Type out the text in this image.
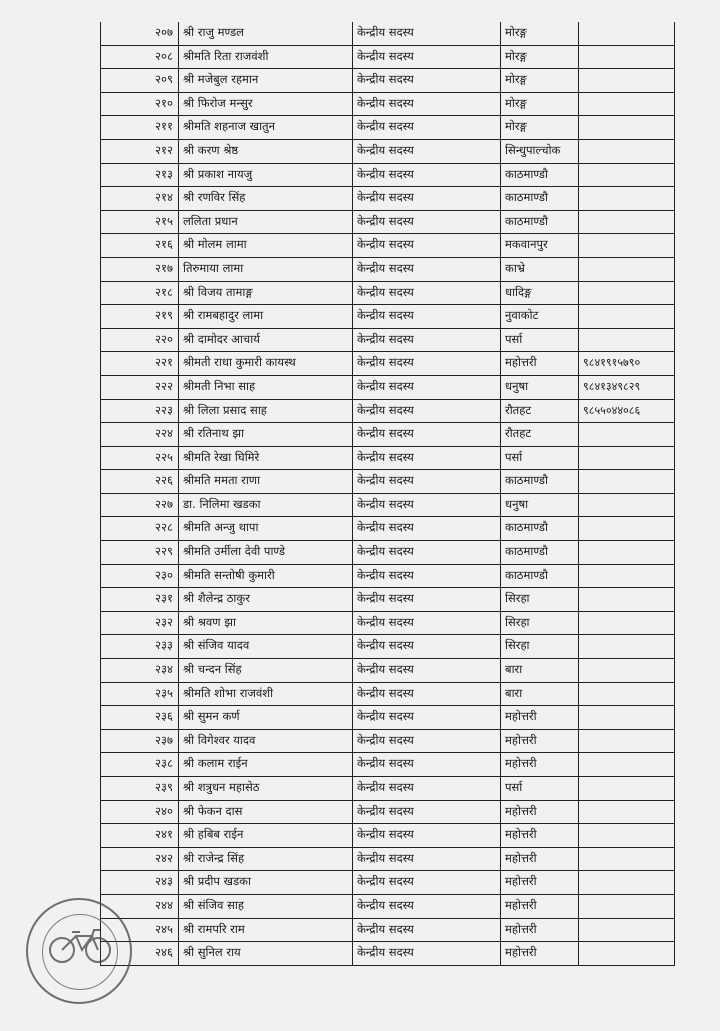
२०७ श्री राजु मण्डल	केन्द्रीय सदस्य	मोरङ्ग
२०८ श्रीमति रिता राजवंशी	केन्द्रीय सदस्य	मोरङ्ग
२०९ श्री मजेबुल रहमान	केन्द्रीय सदस्य	मोरङ्ग
२१० श्री फिरोज मन्सुर	केन्द्रीय सदस्य	मोरङ्ग
२११ श्रीमति शहनाज खातुन	केन्द्रीय सदस्य	मोरङ्ग
२१२ श्री करण श्रेष्ठ	केन्द्रीय सदस्य	सिन्धुपाल्चोक
२१३ श्री प्रकाश नायजु	केन्द्रीय सदस्य	काठमाण्डौ
२१४ श्री रणविर सिंह	केन्द्रीय सदस्य	काठमाण्डौ
२१५ ललिता प्रधान	केन्द्रीय सदस्य	काठमाण्डौ
२१६ श्री मोलम लामा	केन्द्रीय सदस्य	मकवानपुर
२१७ तिरुमाया लामा	केन्द्रीय सदस्य	काभ्रे
२१८ श्री विजय तामाङ्ग	केन्द्रीय सदस्य	धादिङ्ग
२१९ श्री रामबहादुर लामा	केन्द्रीय सदस्य	नुवाकोट
२२० श्री दामोदर आचार्य	केन्द्रीय सदस्य	पर्सा
२२१ श्रीमती राधा कुमारी कायस्थ	केन्द्रीय सदस्य	महोत्तरी	९८४१९१५७९०
२२२ श्रीमती निभा साह	केन्द्रीय सदस्य	धनुषा	९८४१३४९८२९
२२३ श्री लिला प्रसाद साह	केन्द्रीय सदस्य	रौतहट	९८५५०४४०८६
२२४ श्री रतिनाथ झा	केन्द्रीय सदस्य	रौतहट
२२५ श्रीमति रेखा घिमिरे	केन्द्रीय सदस्य	पर्सा
२२६ श्रीमति ममता राणा	केन्द्रीय सदस्य	काठमाण्डौ
२२७ डा. निलिमा खडका	केन्द्रीय सदस्य	धनुषा
२२८ श्रीमति अन्जु थापा	केन्द्रीय सदस्य	काठमाण्डौ
२२९ श्रीमति उर्मीला देवी पाण्डे	केन्द्रीय सदस्य	काठमाण्डौ
२३० श्रीमति सन्तोषी कुमारी	केन्द्रीय सदस्य	काठमाण्डौ
२३१ श्री शैलेन्द्र ठाकुर	केन्द्रीय सदस्य	सिरहा
२३२ श्री श्रवण झा	केन्द्रीय सदस्य	सिरहा
२३३ श्री संजिव यादव	केन्द्रीय सदस्य	सिरहा
२३४ श्री चन्दन सिंह	केन्द्रीय सदस्य	बारा
२३५ श्रीमति शोभा राजवंशी	केन्द्रीय सदस्य	बारा
२३६ श्री सुमन कर्ण	केन्द्रीय सदस्य	महोत्तरी
२३७ श्री विगेश्वर यादव	केन्द्रीय सदस्य	महोत्तरी
२३८ श्री कलाम राईन	केन्द्रीय सदस्य	महोत्तरी
२३९ श्री शत्रुधन महासेठ	केन्द्रीय सदस्य	पर्सा
२४० श्री फेकन दास	केन्द्रीय सदस्य	महोत्तरी
२४१ श्री हबिब राईन	केन्द्रीय सदस्य	महोत्तरी
२४२ श्री राजेन्द्र सिंह	केन्द्रीय सदस्य	महोत्तरी
२४३ श्री प्रदीप खडका	केन्द्रीय सदस्य	महोत्तरी
२४४ श्री संजिव साह	केन्द्रीय सदस्य	महोत्तरी
२४५ श्री रामपरि राम	केन्द्रीय सदस्य	महोत्तरी
२४६ श्री सुनिल राय	केन्द्रीय सदस्य	महोत्तरी
